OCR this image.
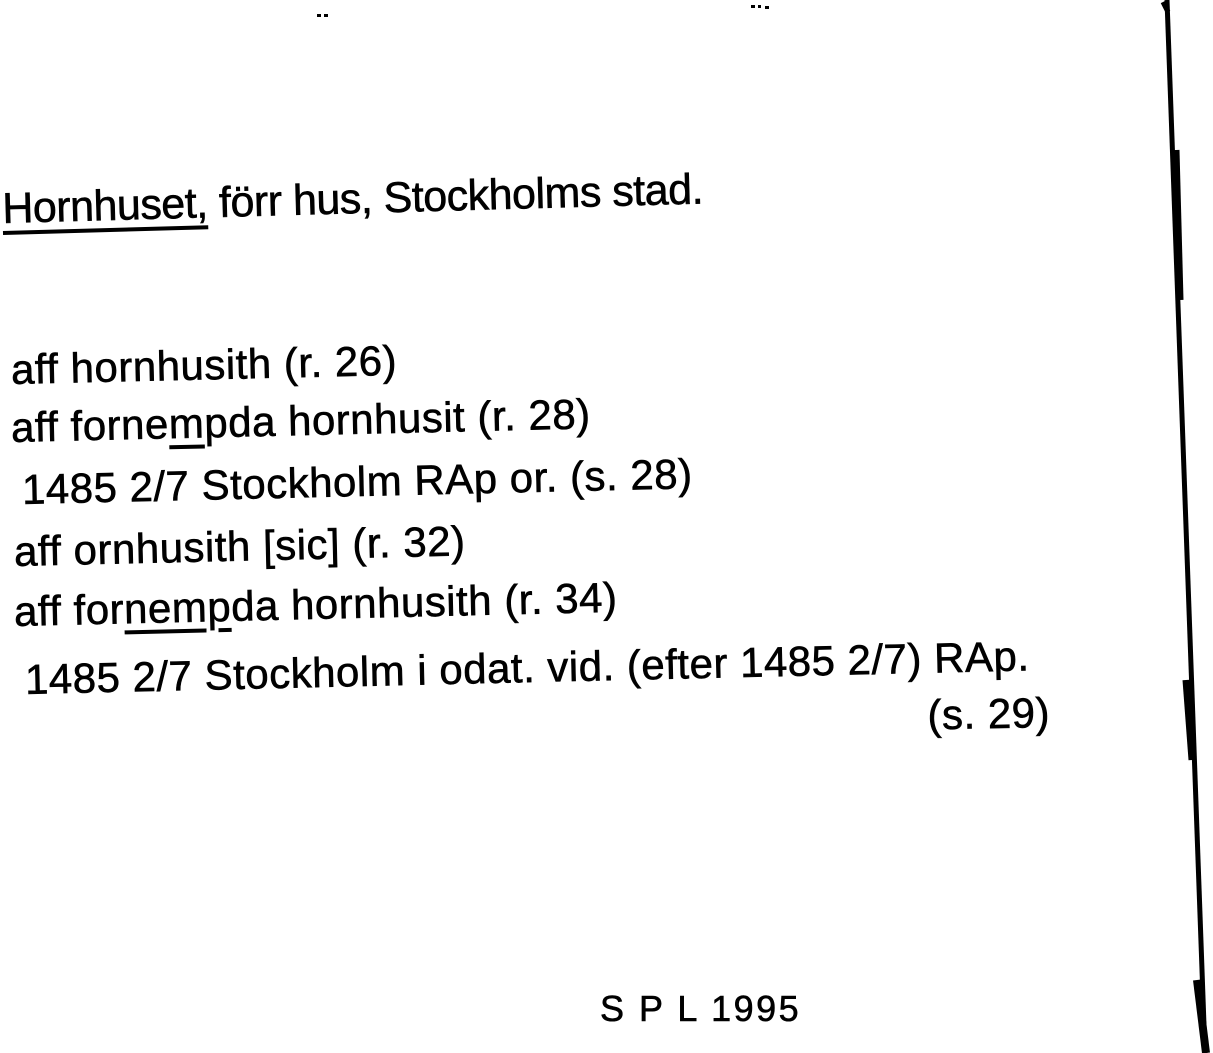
Hornhuset, förr hus, Stockholms stad.
aff hornhusith (r. 26)
aff fornempda hornhusit (r. 28)
1485 2/7 Stockholm RAp or. (s. 28)
aff ornhusith [sic] (r. 32)
aff fornempda hornhusith (r. 34)
1485 2/7 Stockholm i odat. vid. (efter 1485 2/7) RAp.
(s. 29)
S P L 1995
